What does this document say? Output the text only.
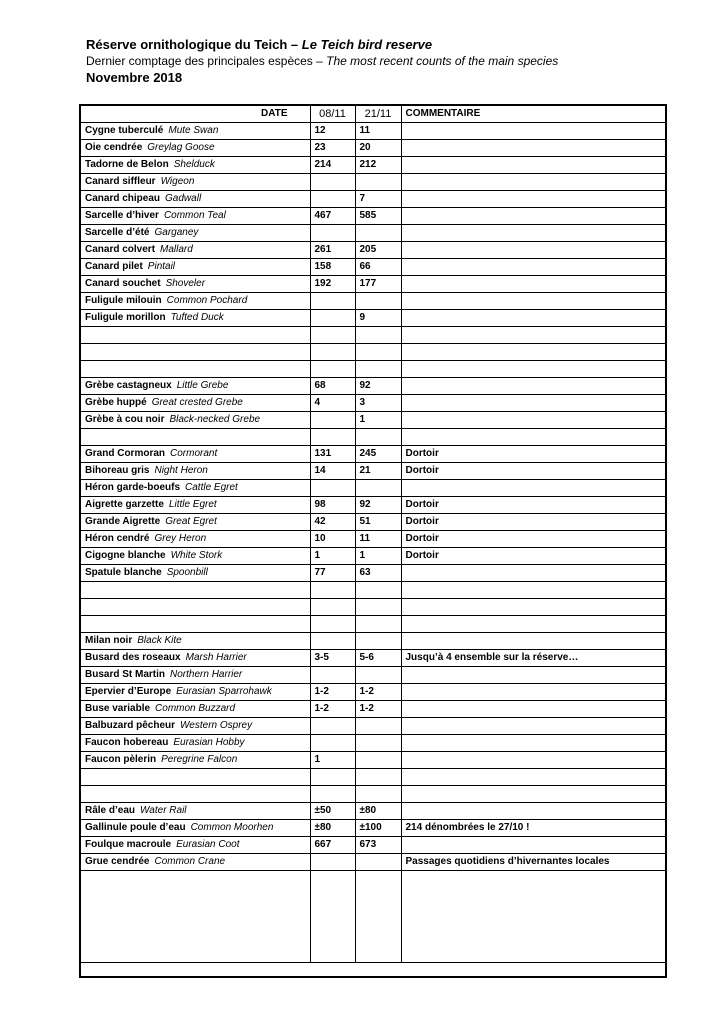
Réserve ornithologique du Teich – Le Teich bird reserve
Dernier comptage des principales espèces – The most recent counts of the main species
Novembre 2018
DATE	08/11	21/11	COMMENTAIRE
Cygne tuberculé Mute Swan	12	11	
Oie cendrée Greylag Goose	23	20	
Tadorne de Belon Shelduck	214	212	
Canard siffleur Wigeon			
Canard chipeau Gadwall		7	
Sarcelle d’hiver Common Teal	467	585	
Sarcelle d’été Garganey			
Canard colvert Mallard	261	205	
Canard pilet Pintail	158	66	
Canard souchet Shoveler	192	177	
Fuligule milouin Common Pochard			
Fuligule morillon Tufted Duck		9	

Grèbe castagneux Little Grebe	68	92	
Grèbe huppé Great crested Grebe	4	3	
Grèbe à cou noir Black-necked Grebe		1	

Grand Cormoran Cormorant	131	245	Dortoir
Bihoreau gris Night Heron	14	21	Dortoir
Héron garde-boeufs Cattle Egret			
Aigrette garzette Little Egret	98	92	Dortoir
Grande Aigrette Great Egret	42	51	Dortoir
Héron cendré Grey Heron	10	11	Dortoir
Cigogne blanche White Stork	1	1	Dortoir
Spatule blanche Spoonbill	77	63	

Milan noir Black Kite			
Busard des roseaux Marsh Harrier	3-5	5-6	Jusqu’à 4 ensemble sur la réserve…
Busard St Martin Northern Harrier			
Epervier d’Europe Eurasian Sparrohawk	1-2	1-2	
Buse variable Common Buzzard	1-2	1-2	
Balbuzard pêcheur Western Osprey			
Faucon hobereau Eurasian Hobby			
Faucon pèlerin Peregrine Falcon	1		

Râle d’eau Water Rail	±50	±80	
Gallinule poule d’eau Common Moorhen	±80	±100	214 dénombrées le 27/10 !
Foulque macroule Eurasian Coot	667	673	
Grue cendrée Common Crane			Passages quotidiens d’hivernantes locales
